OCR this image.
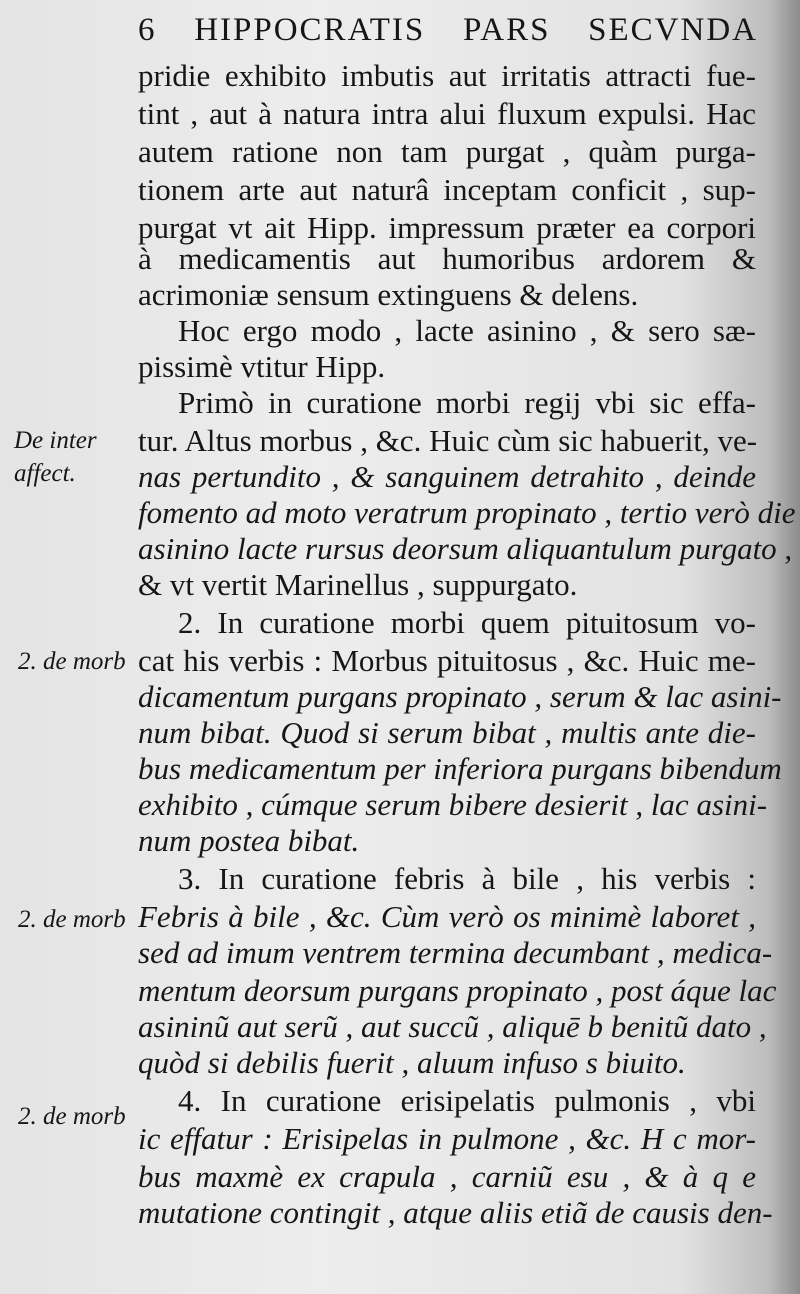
6 HIPPOCRATIS PARS SECVNDA
pridie exhibito imbutis aut irritatis attracti fue-
tint , aut à natura intra alui fluxum expulsi. Hac
autem ratione non tam purgat , quàm purga-
tionem arte aut naturâ inceptam conficit , sup-
purgat vt ait Hipp. impressum præter ea corpori
à medicamentis aut humoribus ardorem &
acrimoniæ sensum extinguens & delens.
Hoc ergo modo , lacte asinino , & sero sæ-
pissimè vtitur Hipp.
Primò in curatione morbi regij vbi sic effa-
tur. Altus morbus , &c. Huic cùm sic habuerit, ve-
nas pertundito , & sanguinem detrahito , deinde
fomento ad moto veratrum propinato , tertio verò die
asinino lacte rursus deorsum aliquantulum purgato ,
& vt vertit Marinellus , suppurgato.
2. In curatione morbi quem pituitosum vo-
cat his verbis : Morbus pituitosus , &c. Huic me-
dicamentum purgans propinato , serum & lac asini-
num bibat. Quod si serum bibat , multis ante die-
bus medicamentum per inferiora purgans bibendum
exhibito , cúmque serum bibere desierit , lac asini-
num postea bibat.
3. In curatione febris à bile , his verbis :
Febris à bile , &c. Cùm verò os minimè laboret ,
sed ad imum ventrem termina decumbant , medica-
mentum deorsum purgans propinato , post áque lac
asininũ aut serũ , aut succũ , aliquē b benitũ dato ,
quòd si debilis fuerit , aluum infuso s biuito.
4. In curatione erisipelatis pulmonis , vbi
ic effatur : Erisipelas in pulmone , &c. H c mor-
bus maxmè ex crapula , carniũ esu , & à q e
mutatione contingit , atque aliis etiã de causis den-
De inter
affect.
2. de morb
2. de morb
2. de morb
